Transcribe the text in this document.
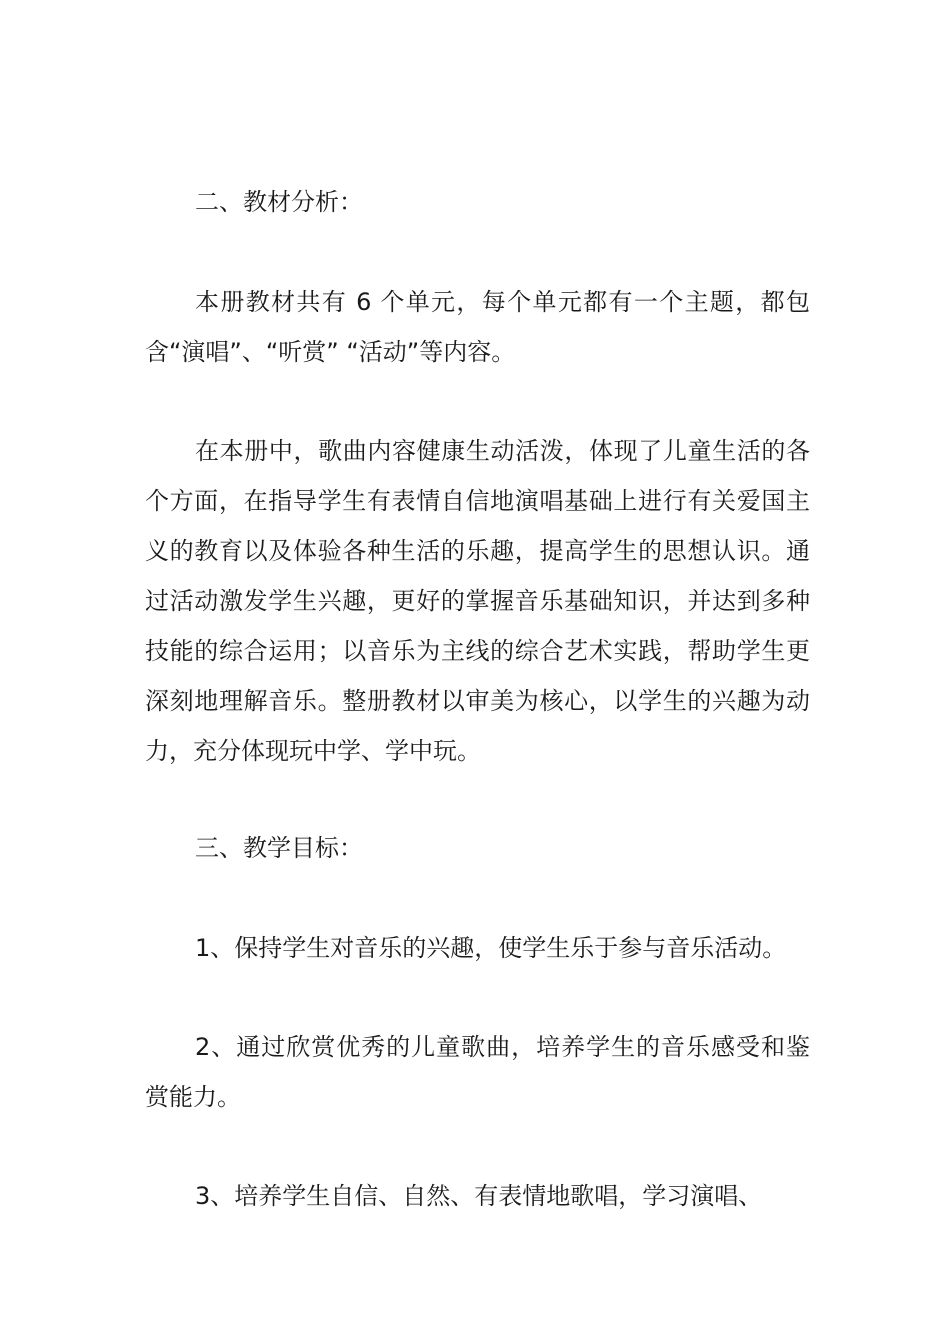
二、教材分析：

本册教材共有 6 个单元，每个单元都有一个主题，都包含“演唱”、“听赏” “活动”等内容。

在本册中，歌曲内容健康生动活泼，体现了儿童生活的各个方面，在指导学生有表情自信地演唱基础上进行有关爱国主义的教育以及体验各种生活的乐趣，提高学生的思想认识。通过活动激发学生兴趣，更好的掌握音乐基础知识，并达到多种技能的综合运用；以音乐为主线的综合艺术实践，帮助学生更深刻地理解音乐。整册教材以审美为核心，以学生的兴趣为动力，充分体现玩中学、学中玩。

三、教学目标：

1、保持学生对音乐的兴趣，使学生乐于参与音乐活动。

2、通过欣赏优秀的儿童歌曲，培养学生的音乐感受和鉴赏能力。

3、培养学生自信、自然、有表情地歌唱，学习演唱、
